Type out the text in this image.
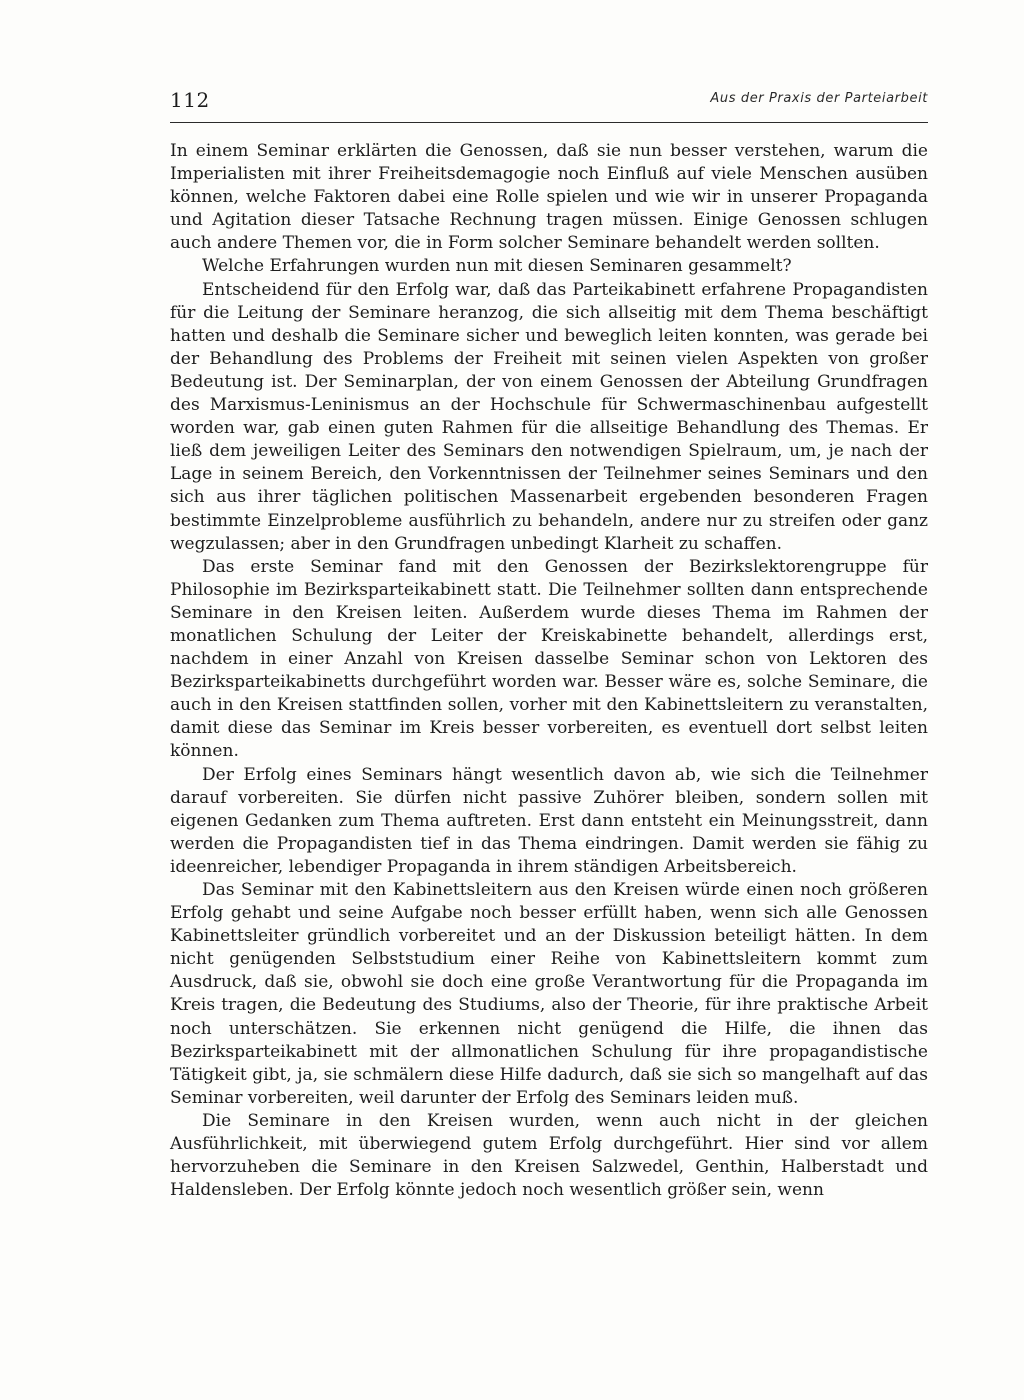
112	Aus der Praxis der Parteiarbeit

In einem Seminar erklärten die Genossen, daß sie nun besser verstehen, warum die Imperialisten mit ihrer Freiheitsdemagogie noch Einfluß auf viele Menschen ausüben können, welche Faktoren dabei eine Rolle spielen und wie wir in unserer Propaganda und Agitation dieser Tatsache Rechnung tragen müssen. Einige Genossen schlugen auch andere Themen vor, die in Form solcher Seminare behandelt werden sollten.

Welche Erfahrungen wurden nun mit diesen Seminaren gesammelt?

Entscheidend für den Erfolg war, daß das Parteikabinett erfahrene Propagandisten für die Leitung der Seminare heranzog, die sich allseitig mit dem Thema beschäftigt hatten und deshalb die Seminare sicher und beweglich leiten konnten, was gerade bei der Behandlung des Problems der Freiheit mit seinen vielen Aspekten von großer Bedeutung ist. Der Seminarplan, der von einem Genossen der Abteilung Grundfragen des Marxismus-Leninismus an der Hochschule für Schwermaschinenbau aufgestellt worden war, gab einen guten Rahmen für die allseitige Behandlung des Themas. Er ließ dem jeweiligen Leiter des Seminars den notwendigen Spielraum, um, je nach der Lage in seinem Bereich, den Vorkenntnissen der Teilnehmer seines Seminars und den sich aus ihrer täglichen politischen Massenarbeit ergebenden besonderen Fragen bestimmte Einzelprobleme ausführlich zu behandeln, andere nur zu streifen oder ganz wegzulassen; aber in den Grundfragen unbedingt Klarheit zu schaffen.

Das erste Seminar fand mit den Genossen der Bezirkslektorengruppe für Philosophie im Bezirksparteikabinett statt. Die Teilnehmer sollten dann entsprechende Seminare in den Kreisen leiten. Außerdem wurde dieses Thema im Rahmen der monatlichen Schulung der Leiter der Kreiskabinette behandelt, allerdings erst, nachdem in einer Anzahl von Kreisen dasselbe Seminar schon von Lektoren des Bezirksparteikabinetts durchgeführt worden war. Besser wäre es, solche Seminare, die auch in den Kreisen stattfinden sollen, vorher mit den Kabinettsleitern zu veranstalten, damit diese das Seminar im Kreis besser vorbereiten, es eventuell dort selbst leiten können.

Der Erfolg eines Seminars hängt wesentlich davon ab, wie sich die Teilnehmer darauf vorbereiten. Sie dürfen nicht passive Zuhörer bleiben, sondern sollen mit eigenen Gedanken zum Thema auftreten. Erst dann entsteht ein Meinungsstreit, dann werden die Propagandisten tief in das Thema eindringen. Damit werden sie fähig zu ideenreicher, lebendiger Propaganda in ihrem ständigen Arbeitsbereich.

Das Seminar mit den Kabinettsleitern aus den Kreisen würde einen noch größeren Erfolg gehabt und seine Aufgabe noch besser erfüllt haben, wenn sich alle Genossen Kabinettsleiter gründlich vorbereitet und an der Diskussion beteiligt hätten. In dem nicht genügenden Selbststudium einer Reihe von Kabinettsleitern kommt zum Ausdruck, daß sie, obwohl sie doch eine große Verantwortung für die Propaganda im Kreis tragen, die Bedeutung des Studiums, also der Theorie, für ihre praktische Arbeit noch unterschätzen. Sie erkennen nicht genügend die Hilfe, die ihnen das Bezirksparteikabinett mit der allmonatlichen Schulung für ihre propagandistische Tätigkeit gibt, ja, sie schmälern diese Hilfe dadurch, daß sie sich so mangelhaft auf das Seminar vorbereiten, weil darunter der Erfolg des Seminars leiden muß.

Die Seminare in den Kreisen wurden, wenn auch nicht in der gleichen Ausführlichkeit, mit überwiegend gutem Erfolg durchgeführt. Hier sind vor allem hervorzuheben die Seminare in den Kreisen Salzwedel, Genthin, Halberstadt und Haldensleben. Der Erfolg könnte jedoch noch wesentlich größer sein, wenn
